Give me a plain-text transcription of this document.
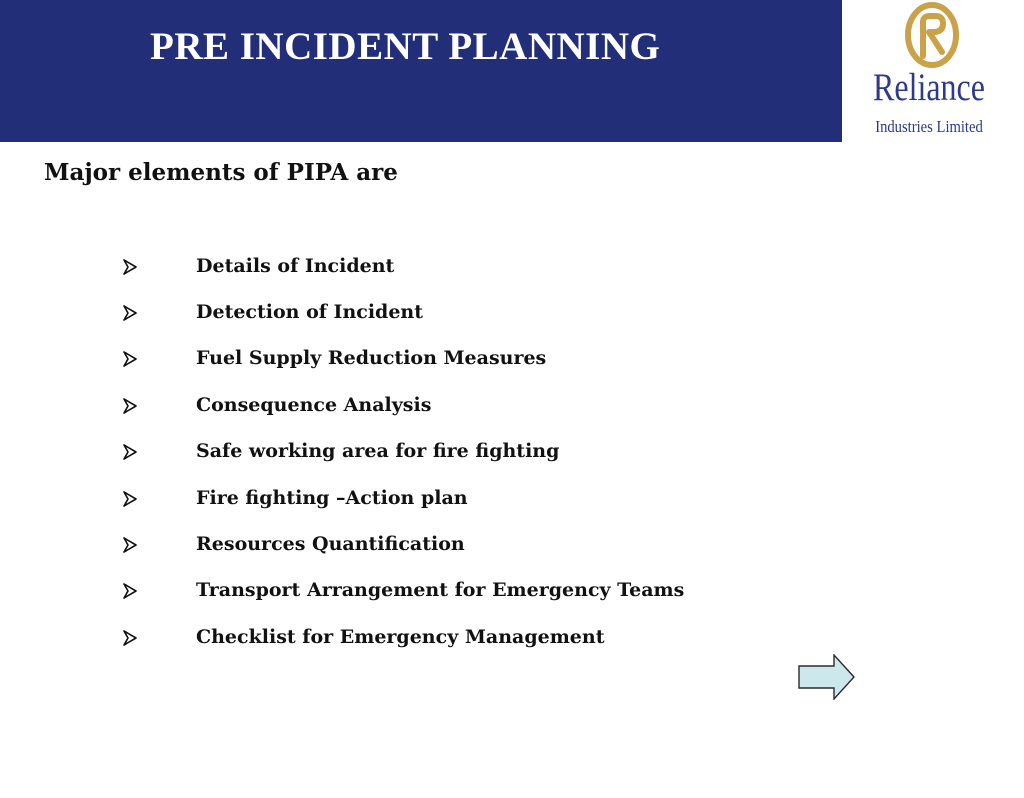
PRE INCIDENT PLANNING
Reliance
Industries Limited
Major elements of PIPA are
Details of Incident
Detection of Incident
Fuel Supply Reduction Measures
Consequence Analysis
Safe working area for fire fighting
Fire fighting –Action plan
Resources Quantification
Transport Arrangement for Emergency Teams
Checklist for Emergency Management
